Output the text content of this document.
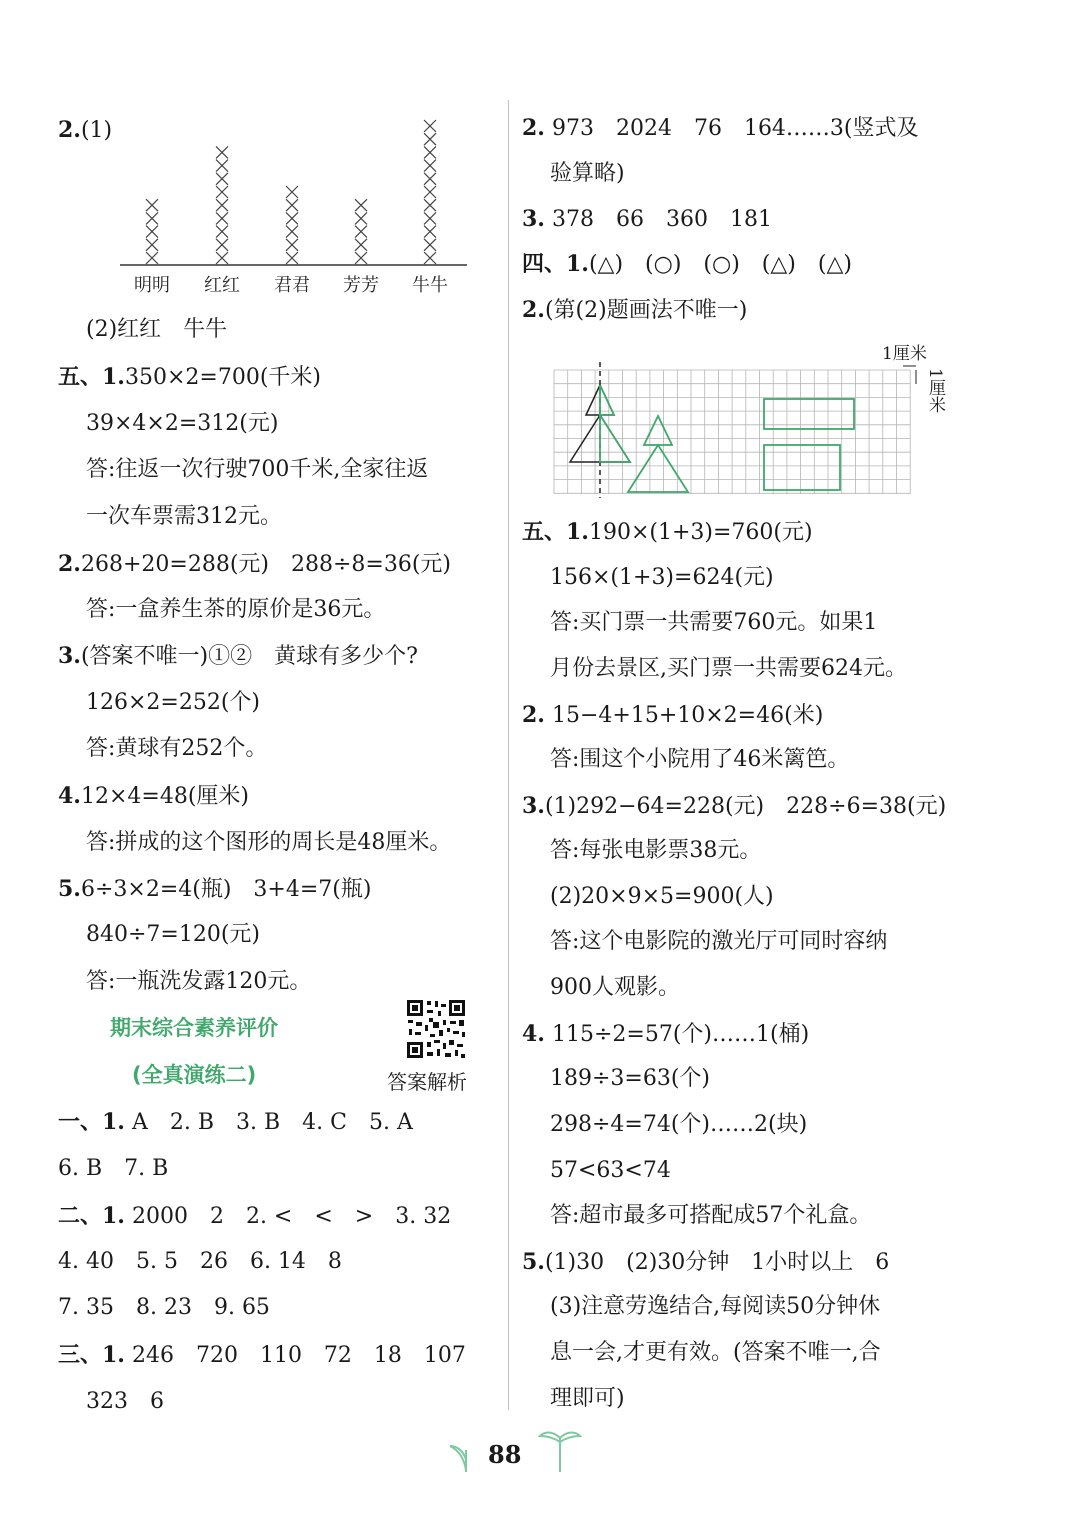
2.(1)
明明 红红 君君 芳芳 牛牛
(2)红红　牛牛
五、1.350×2=700(千米)
39×4×2=312(元)
答:往返一次行驶700千米,全家往返
一次车票需312元。
2.268+20=288(元)　288÷8=36(元)
答:一盒养生茶的原价是36元。
3.(答案不唯一)①②　黄球有多少个?
126×2=252(个)
答:黄球有252个。
4.12×4=48(厘米)
答:拼成的这个图形的周长是48厘米。
5.6÷3×2=4(瓶)　3+4=7(瓶)
840÷7=120(元)
答:一瓶洗发露120元。
期末综合素养评价
(全真演练二)	答案解析
一、1. A　2. B　3. B　4. C　5. A
6. B　7. B
二、1. 2000　2　2. <　<　>　3. 32
4. 40　5. 5　26　6. 14　8
7. 35　8. 23　9. 65
三、1. 246　720　110　72　18　107
323　6
2. 973　2024　76　164……3(竖式及
验算略)
3. 378　66　360　181
四、1.(△)　(○)　(○)　(△)　(△)
2.(第(2)题画法不唯一)
1厘米
1厘米
五、1.190×(1+3)=760(元)
156×(1+3)=624(元)
答:买门票一共需要760元。如果1
月份去景区,买门票一共需要624元。
2. 15−4+15+10×2=46(米)
答:围这个小院用了46米篱笆。
3.(1)292−64=228(元)　228÷6=38(元)
答:每张电影票38元。
(2)20×9×5=900(人)
答:这个电影院的激光厅可同时容纳
900人观影。
4. 115÷2=57(个)……1(桶)
189÷3=63(个)
298÷4=74(个)……2(块)
57<63<74
答:超市最多可搭配成57个礼盒。
5.(1)30　(2)30分钟　1小时以上　6
(3)注意劳逸结合,每阅读50分钟休
息一会,才更有效。(答案不唯一,合
理即可)
88
